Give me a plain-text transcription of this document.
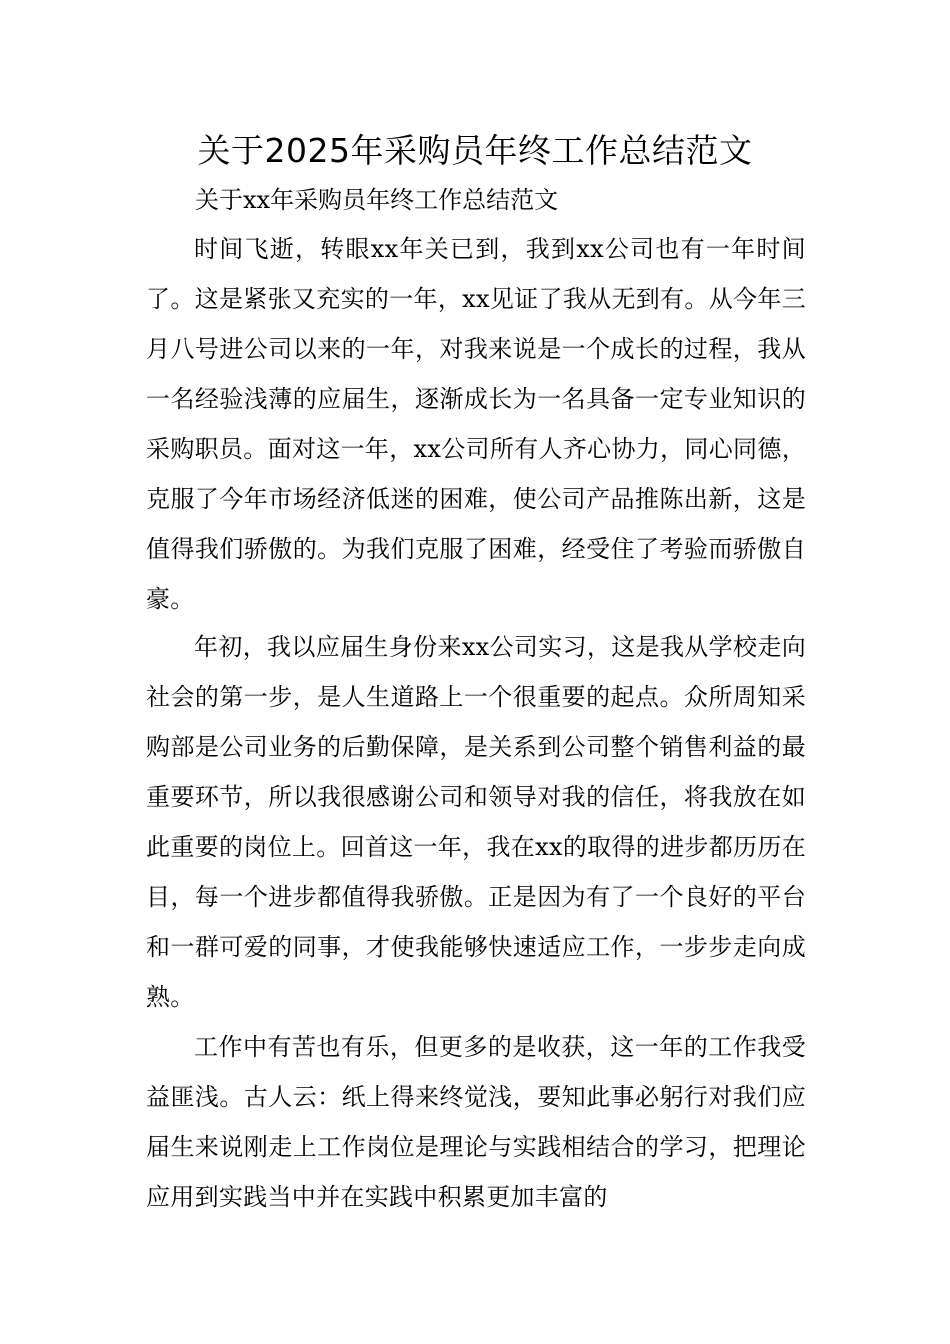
关于2025年采购员年终工作总结范文

关于xx年采购员年终工作总结范文

时间飞逝，转眼xx年关已到，我到xx公司也有一年时间了。这是紧张又充实的一年，xx见证了我从无到有。从今年三月八号进公司以来的一年，对我来说是一个成长的过程，我从一名经验浅薄的应届生，逐渐成长为一名具备一定专业知识的采购职员。面对这一年，xx公司所有人齐心协力，同心同德，克服了今年市场经济低迷的困难，使公司产品推陈出新，这是值得我们骄傲的。为我们克服了困难，经受住了考验而骄傲自豪。

年初，我以应届生身份来xx公司实习，这是我从学校走向社会的第一步，是人生道路上一个很重要的起点。众所周知采购部是公司业务的后勤保障，是关系到公司整个销售利益的最重要环节，所以我很感谢公司和领导对我的信任，将我放在如此重要的岗位上。回首这一年，我在xx的取得的进步都历历在目，每一个进步都值得我骄傲。正是因为有了一个良好的平台和一群可爱的同事，才使我能够快速适应工作，一步步走向成熟。

工作中有苦也有乐，但更多的是收获，这一年的工作我受益匪浅。古人云：纸上得来终觉浅，要知此事必躬行对我们应届生来说刚走上工作岗位是理论与实践相结合的学习，把理论应用到实践当中并在实践中积累更加丰富的
